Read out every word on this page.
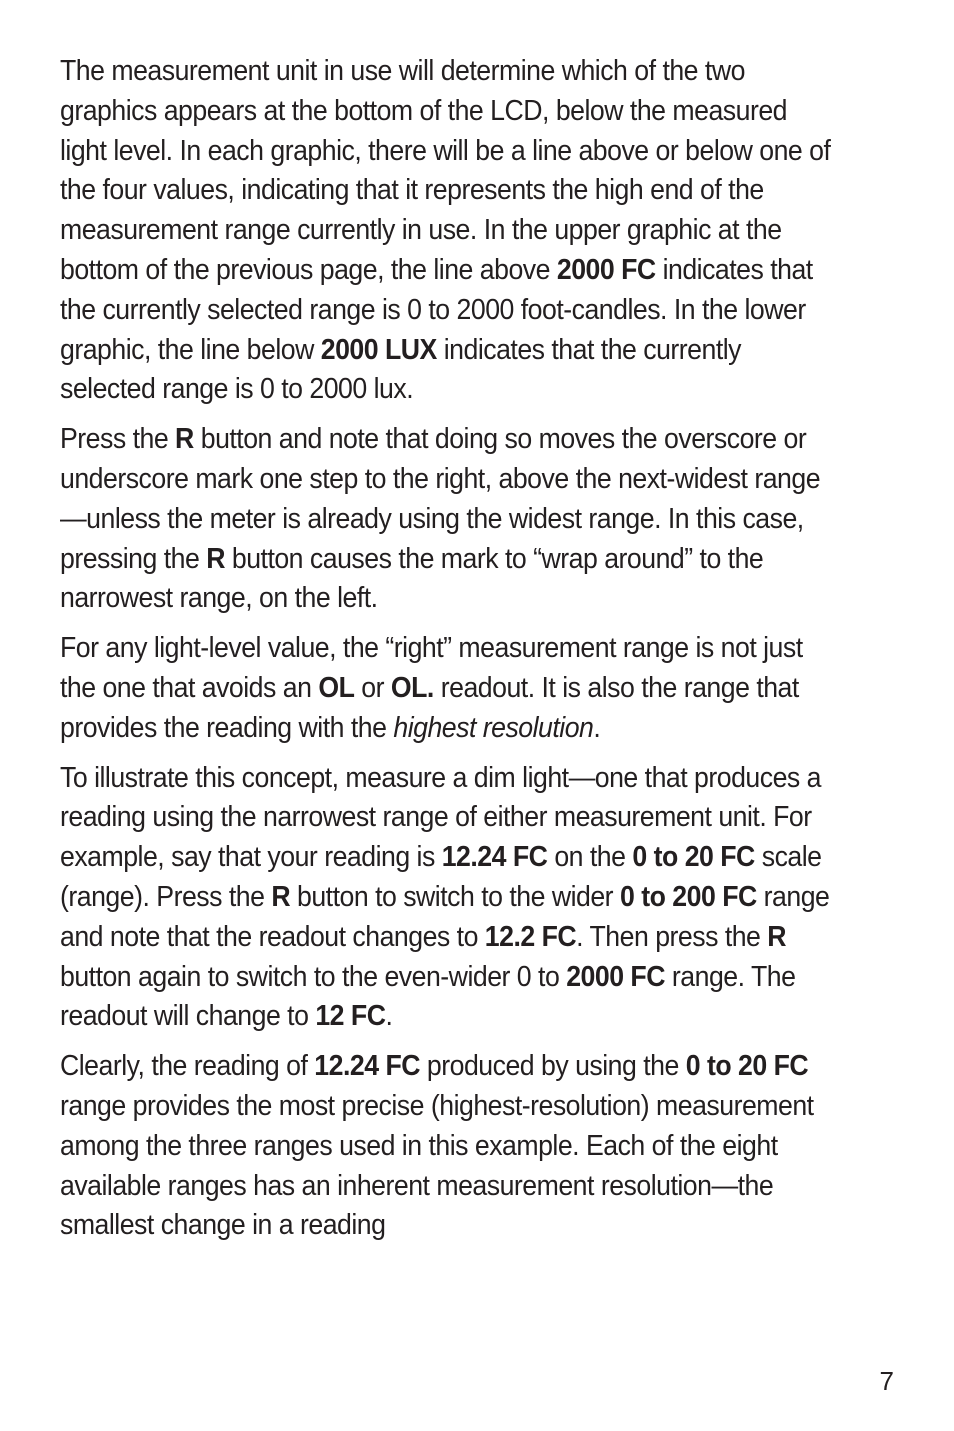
The measurement unit in use will determine which of the two graphics appears at the bottom of the LCD, below the measured light level. In each graphic, there will be a line above or below one of the four values, indicating that it represents the high end of the measurement range currently in use. In the upper graphic at the bottom of the previous page, the line above 2000 FC indicates that the currently selected range is 0 to 2000 foot-candles. In the lower graphic, the line below 2000 LUX indicates that the currently selected range is 0 to 2000 lux.

Press the R button and note that doing so moves the overscore or underscore mark one step to the right, above the next-widest range—unless the meter is already using the widest range. In this case, pressing the R button causes the mark to “wrap around” to the narrowest range, on the left.

For any light-level value, the “right” measurement range is not just the one that avoids an OL or OL. readout. It is also the range that provides the reading with the highest resolution.

To illustrate this concept, measure a dim light—one that produces a reading using the narrowest range of either measurement unit. For example, say that your reading is 12.24 FC on the 0 to 20 FC scale (range). Press the R button to switch to the wider 0 to 200 FC range and note that the readout changes to 12.2 FC. Then press the R button again to switch to the even-wider 0 to 2000 FC range. The readout will change to 12 FC.

Clearly, the reading of 12.24 FC produced by using the 0 to 20 FC range provides the most precise (highest-resolution) measurement among the three ranges used in this example. Each of the eight available ranges has an inherent measurement resolution—the smallest change in a reading

7
